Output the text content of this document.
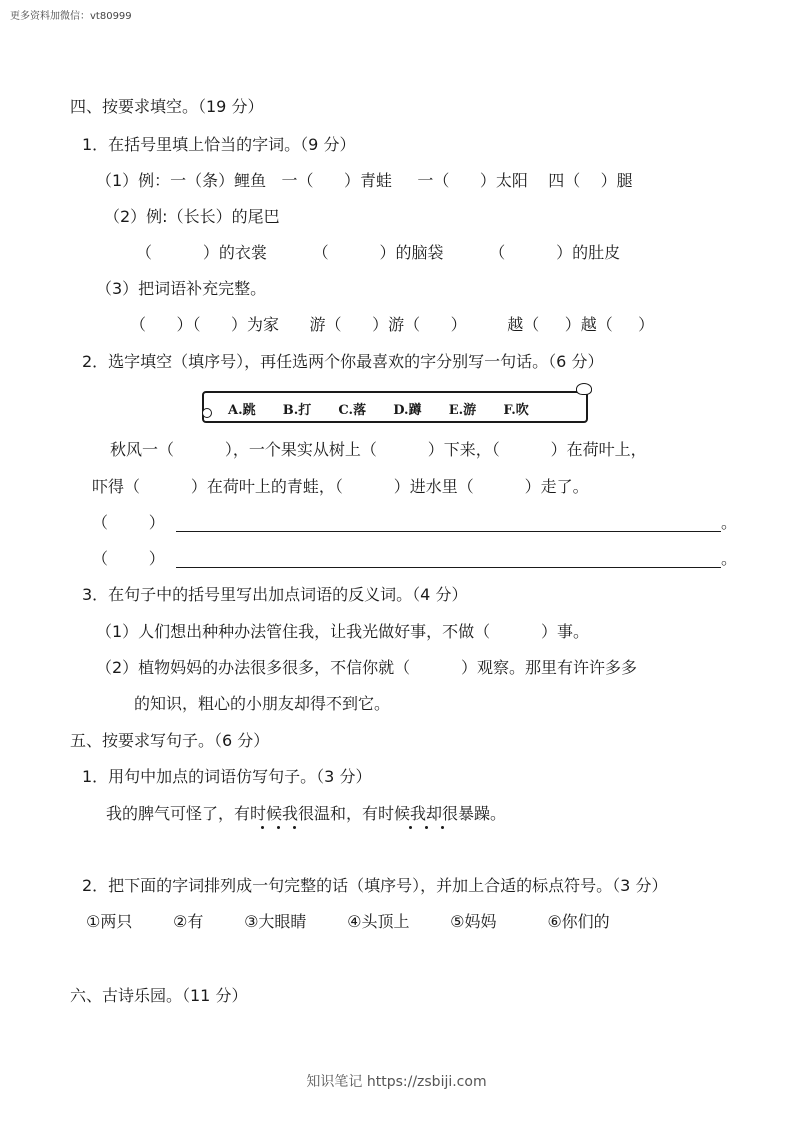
更多资料加微信：vt80999
四、按要求填空。（19 分）
1．在括号里填上恰当的字词。（9 分）
（1）例：一（条）鲤鱼   一（      ）青蛙     一（      ）太阳    四（    ）腿
（2）例:（长长）的尾巴
（          ）的衣裳         （          ）的脑袋         （          ）的肚皮
（3）把词语补充完整。
（      ）（      ）为家      游（      ）游（      ）        越（     ）越（     ）
2．选字填空（填序号），再任选两个你最喜欢的字分别写一句话。（6 分）
A.跳      B.打      C.落      D.蹲      E.游      F.吹
秋风一（          ），一个果实从树上（          ）下来，（          ）在荷叶上，
吓得（          ）在荷叶上的青蛙，（          ）进水里（          ）走了。
（        ）	。
（        ）	。
3．在句子中的括号里写出加点词语的反义词。（4 分）
（1）人们想出种种办法管住我，让我光做好事，不做（          ）事。
（2）植物妈妈的办法很多很多，不信你就（          ）观察。那里有许许多多
的知识，粗心的小朋友却得不到它。
五、按要求写句子。（6 分）
1．用句中加点的词语仿写句子。（3 分）
我的脾气可怪了，有时候我很温和，有时候我却很暴躁。
2．把下面的字词排列成一句完整的话（填序号），并加上合适的标点符号。（3 分）
①两只        ②有        ③大眼睛        ④头顶上        ⑤妈妈          ⑥你们的
六、古诗乐园。（11 分）
知识笔记 https://zsbiji.com
